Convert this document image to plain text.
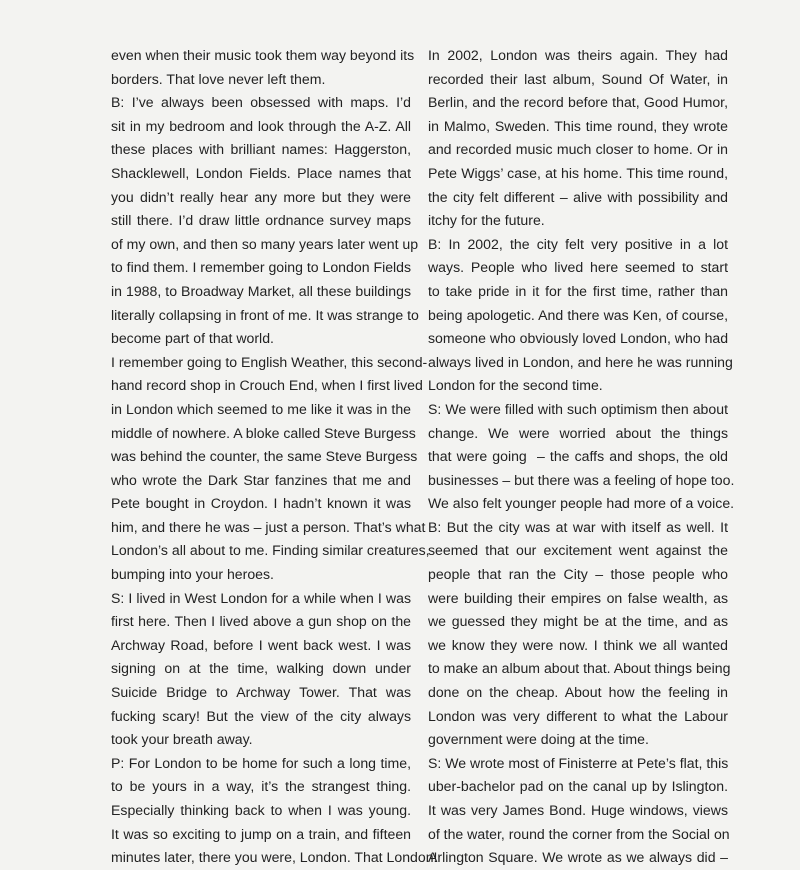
even when their music took them way beyond its
borders. That love never left them.
B: I’ve always been obsessed with maps. I’d
sit in my bedroom and look through the A-Z. All
these places with brilliant names: Haggerston,
Shacklewell, London Fields. Place names that
you didn’t really hear any more but they were
still there. I’d draw little ordnance survey maps
of my own, and then so many years later went up
to find them. I remember going to London Fields
in 1988, to Broadway Market, all these buildings
literally collapsing in front of me. It was strange to
become part of that world.
I remember going to English Weather, this second-
hand record shop in Crouch End, when I first lived
in London which seemed to me like it was in the
middle of nowhere. A bloke called Steve Burgess
was behind the counter, the same Steve Burgess
who wrote the Dark Star fanzines that me and
Pete bought in Croydon. I hadn’t known it was
him, and there he was – just a person. That’s what
London’s all about to me. Finding similar creatures,
bumping into your heroes.
S: I lived in West London for a while when I was
first here. Then I lived above a gun shop on the
Archway Road, before I went back west. I was
signing on at the time, walking down under
Suicide Bridge to Archway Tower. That was
fucking scary! But the view of the city always
took your breath away.
P: For London to be home for such a long time,
to be yours in a way, it’s the strangest thing.
Especially thinking back to when I was young.
It was so exciting to jump on a train, and fifteen
minutes later, there you were, London. That London!
In 2002, London was theirs again. They had
recorded their last album, Sound Of Water, in
Berlin, and the record before that, Good Humor,
in Malmo, Sweden. This time round, they wrote
and recorded music much closer to home. Or in
Pete Wiggs’ case, at his home. This time round,
the city felt different – alive with possibility and
itchy for the future.
B: In 2002, the city felt very positive in a lot
ways. People who lived here seemed to start
to take pride in it for the first time, rather than
being apologetic. And there was Ken, of course,
someone who obviously loved London, who had
always lived in London, and here he was running
London for the second time.
S: We were filled with such optimism then about
change. We were worried about the things
that were going  – the caffs and shops, the old
businesses – but there was a feeling of hope too.
We also felt younger people had more of a voice.
B: But the city was at war with itself as well. It
seemed that our excitement went against the
people that ran the City – those people who
were building their empires on false wealth, as
we guessed they might be at the time, and as
we know they were now. I think we all wanted
to make an album about that. About things being
done on the cheap. About how the feeling in
London was very different to what the Labour
government were doing at the time.
S: We wrote most of Finisterre at Pete’s flat, this
uber-bachelor pad on the canal up by Islington.
It was very James Bond. Huge windows, views
of the water, round the corner from the Social on
Arlington Square. We wrote as we always did –
